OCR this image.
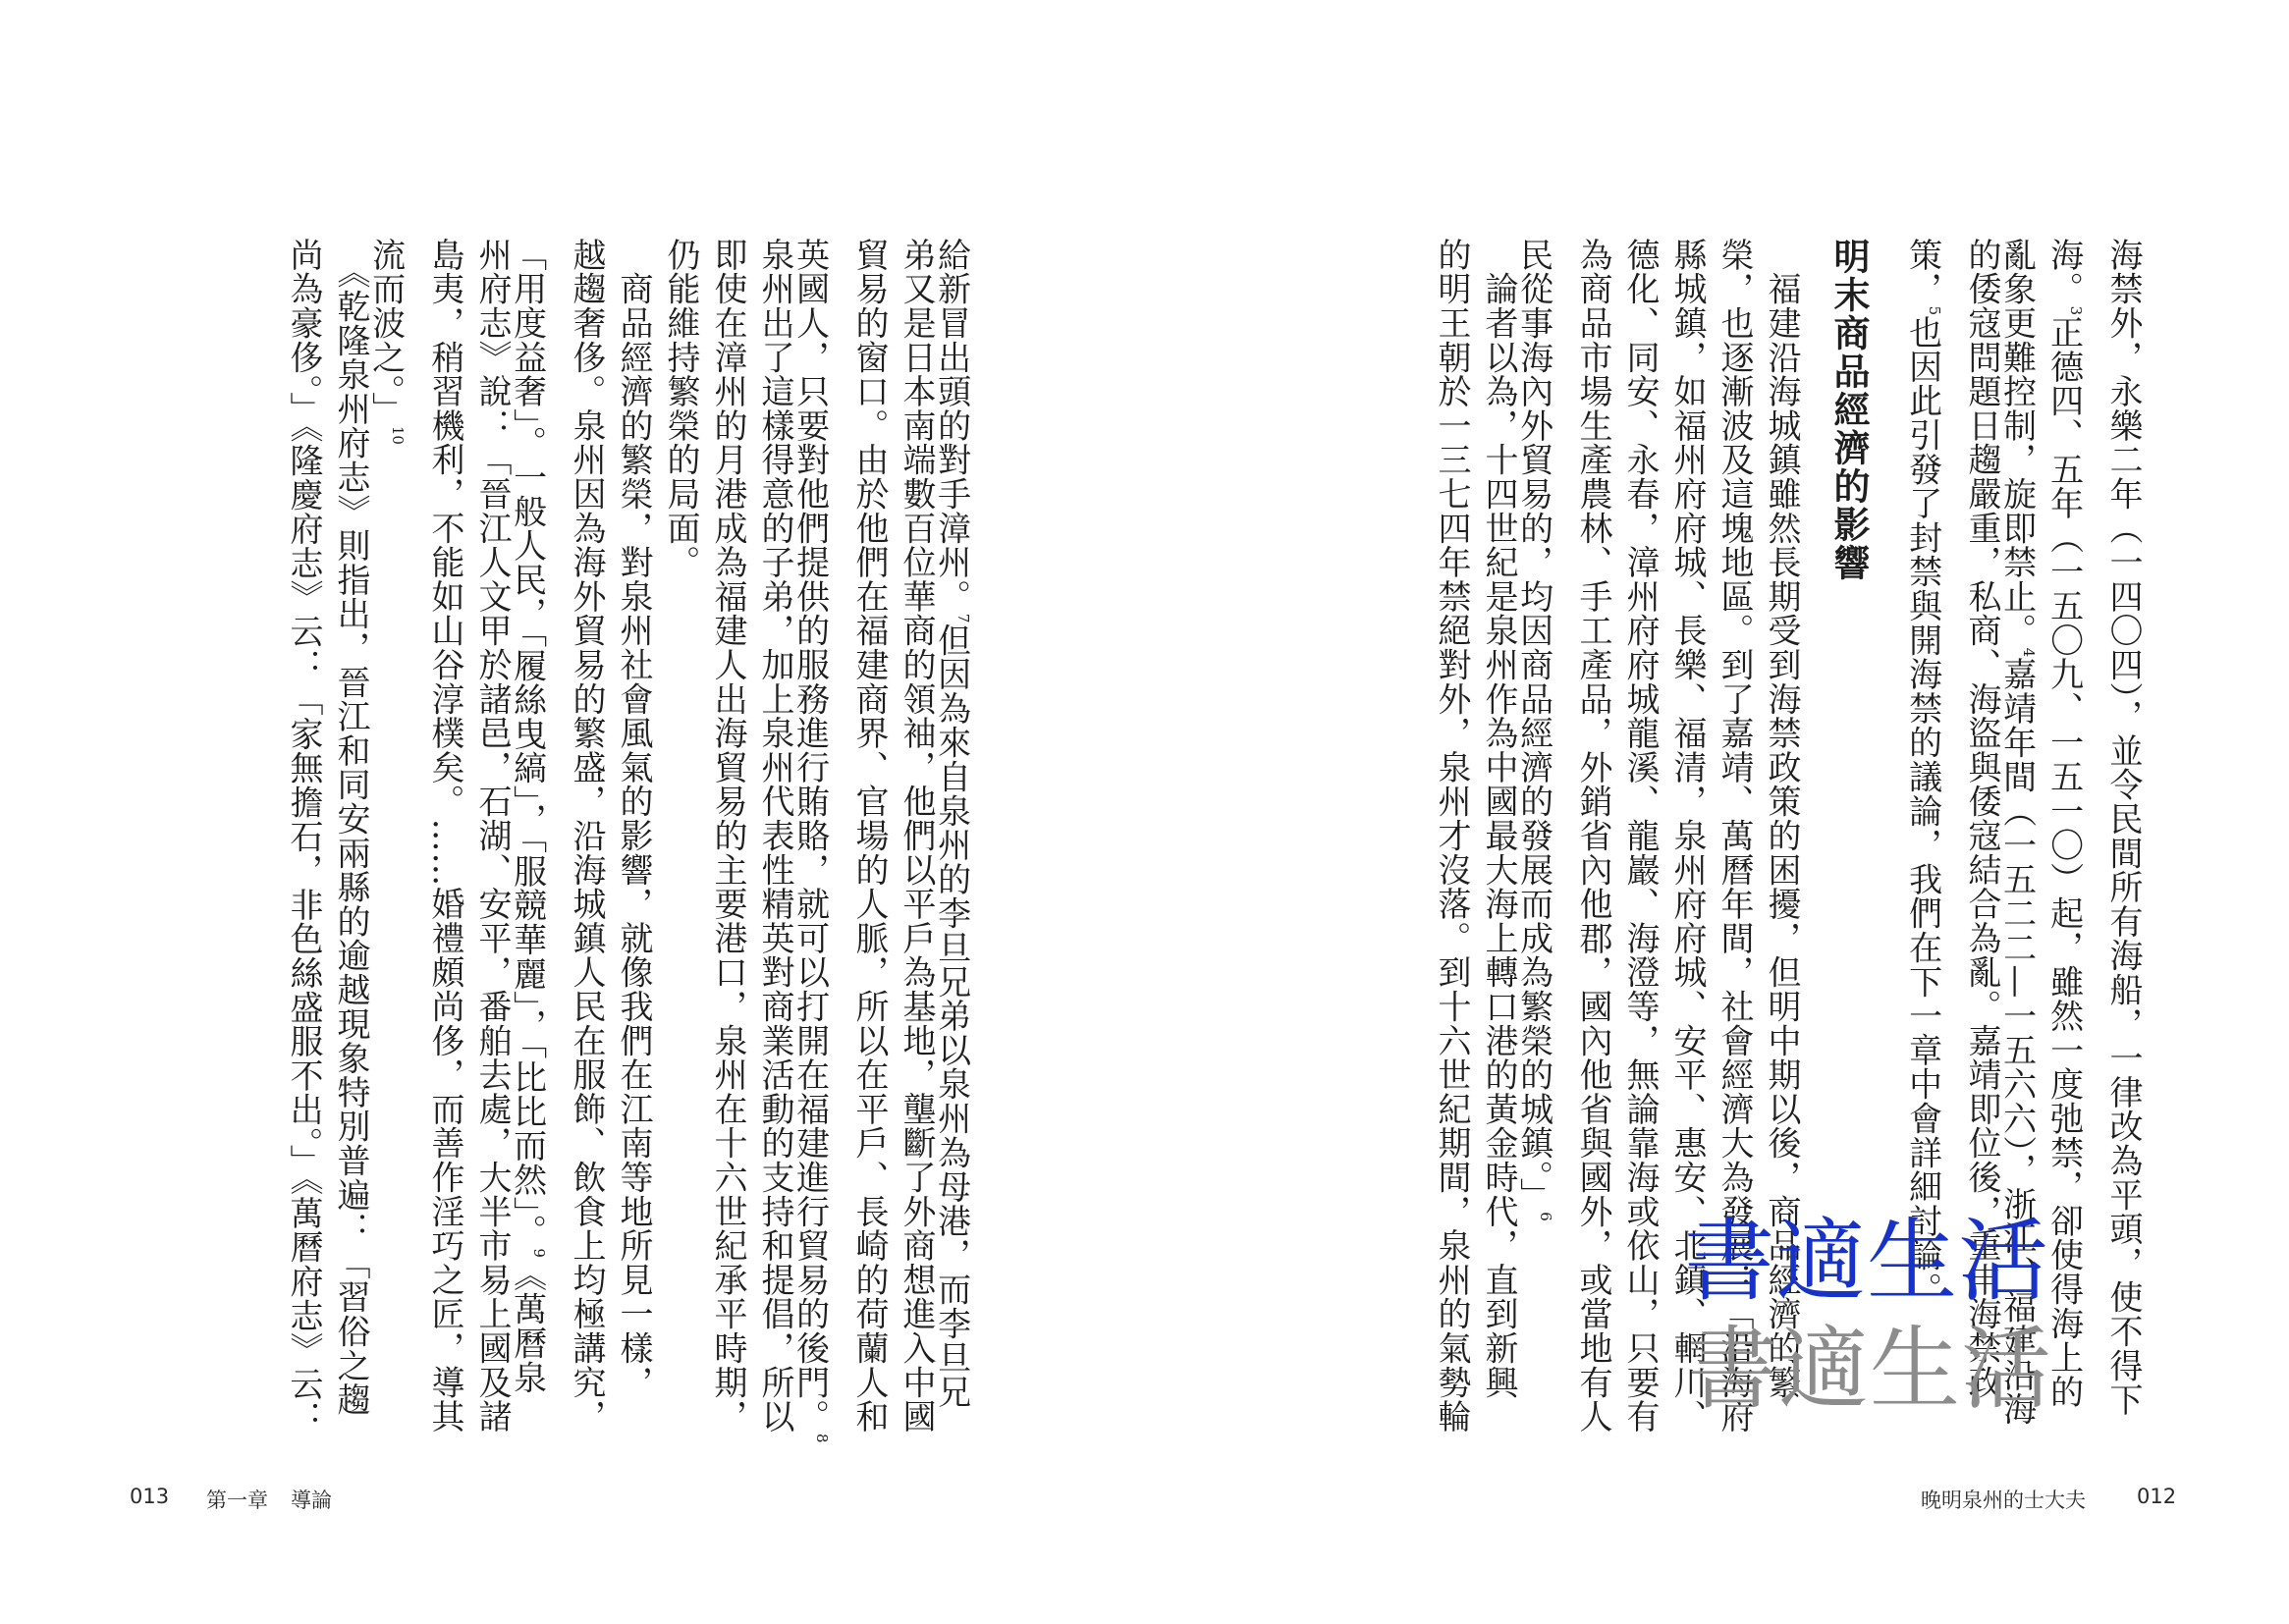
海禁外，永樂二年（一四〇四），並令民間所有海船，一律改為平頭，使不得下
海。$^3$正德四、五年（一五〇九、一五一〇）起，雖然一度弛禁，卻使得海上的
亂象更難控制，旋即禁止。$^4$嘉靖年間（一五二二—一五六六），浙江、福建沿海
的倭寇問題日趨嚴重，私商、海盜與倭寇結合為亂。嘉靖即位後，重申海禁政
策，$^5$也因此引發了封禁與開海禁的議論，我們在下一章中會詳細討論。
明末商品經濟的影響
　福建沿海城鎮雖然長期受到海禁政策的困擾，但明中期以後，商品經濟的繁
榮，也逐漸波及這塊地區。到了嘉靖、萬曆年間，社會經濟大為發展：「沿海府
縣城鎮，如福州府府城、長樂、福清，泉州府府城、安平、惠安、北鎮、輞川、
德化、同安、永春，漳州府府城龍溪、龍巖、海澄等，無論靠海或依山，只要有
為商品市場生產農林、手工產品，外銷省內他郡，國內他省與國外，或當地有人
民從事海內外貿易的，均因商品經濟的發展而成為繁榮的城鎮。」$^6$
　論者以為，十四世紀是泉州作為中國最大海上轉口港的黃金時代，直到新興
的明王朝於一三七四年禁絕對外，泉州才沒落。到十六世紀期間，泉州的氣勢輪
晚明泉州的士大夫 012
給新冒出頭的對手漳州。$^7$但因為來自泉州的李旦兄弟以泉州為母港，而李旦兄
弟又是日本南端數百位華商的領袖，他們以平戶為基地，壟斷了外商想進入中國
貿易的窗口。由於他們在福建商界、官場的人脈，所以在平戶、長崎的荷蘭人和
英國人，只要對他們提供的服務進行賄賂，就可以打開在福建進行貿易的後門。$^8$
泉州出了這樣得意的子弟，加上泉州代表性精英對商業活動的支持和提倡，所以
即使在漳州的月港成為福建人出海貿易的主要港口，泉州在十六世紀承平時期，
仍能維持繁榮的局面。
　商品經濟的繁榮，對泉州社會風氣的影響，就像我們在江南等地所見一樣，
越趨奢侈。泉州因為海外貿易的繁盛，沿海城鎮人民在服飾、飲食上均極講究，
「用度益奢」。一般人民，「履絲曳縞」，「服競華麗」，「比比而然」。$^9$《萬曆泉
州府志》說：「晉江人文甲於諸邑，石湖、安平，番舶去處，大半市易上國及諸
島夷，稍習機利，不能如山谷淳樸矣。……婚禮頗尚侈，而善作淫巧之匠，導其
流而波之。」$^{10}$
　《乾隆泉州府志》則指出，晉江和同安兩縣的逾越現象特別普遍：「習俗之趨
尚為豪侈。」《隆慶府志》云：「家無擔石，非色絲盛服不出。」《萬曆府志》云：
013 第一章 導論
書適生活
書適生活
